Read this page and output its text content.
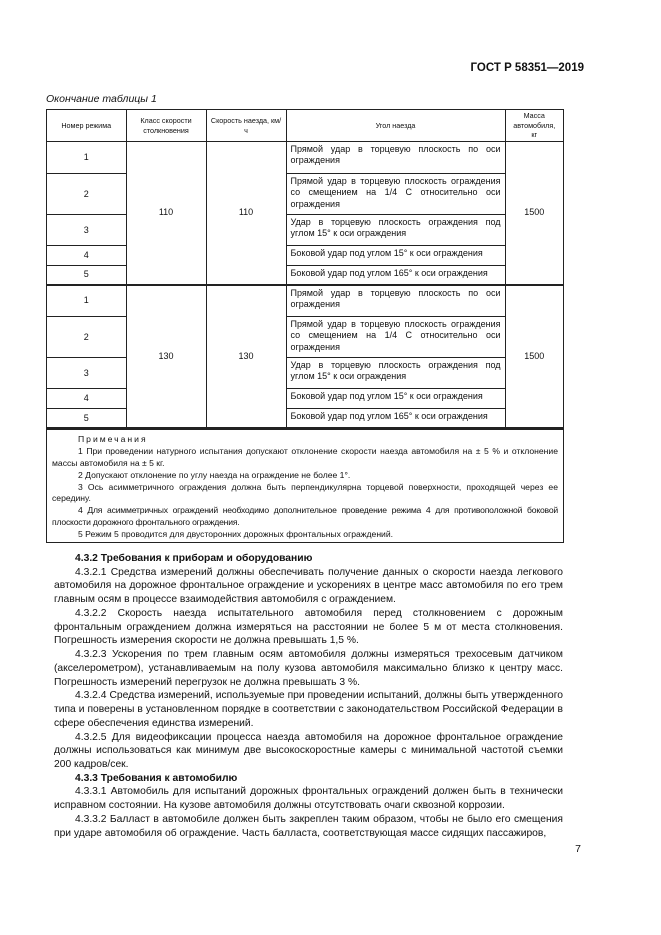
ГОСТ Р 58351—2019
Окончание таблицы 1
Номер режима	Класс скорости столкновения	Скорость наезда, км/ч	Угол наезда	Масса автомобиля, кг
1	110	110	Прямой удар в торцевую плоскость по оси ограждения	1500
2			Прямой удар в торцевую плоскость ограждения со смещением на 1/4 С относительно оси ограждения	
3			Удар в торцевую плоскость ограждения под углом 15° к оси ограждения	
4			Боковой удар под углом 15° к оси ограждения	
5			Боковой удар под углом 165° к оси ограждения	
1	130	130	Прямой удар в торцевую плоскость по оси ограждения	1500
2			Прямой удар в торцевую плоскость ограждения со смещением на 1/4 С относительно оси ограждения	
3			Удар в торцевую плоскость ограждения под углом 15° к оси ограждения	
4			Боковой удар под углом 15° к оси ограждения	
5			Боковой удар под углом 165° к оси ограждения	
Примечания

1 При проведении натурного испытания допускают отклонение скорости наезда автомобиля на ± 5 % и отклонение массы автомобиля на ± 5 кг.

2 Допускают отклонение по углу наезда на ограждение не более 1°.

3 Ось асимметричного ограждения должна быть перпендикулярна торцевой поверхности, проходящей через ее середину.

4 Для асимметричных ограждений необходимо дополнительное проведение режима 4 для противоположной боковой плоскости дорожного фронтального ограждения.

5 Режим 5 проводится для двусторонних дорожных фронтальных ограждений.

4.3.2 Требования к приборам и оборудованию

4.3.2.1 Средства измерений должны обеспечивать получение данных о скорости наезда легкового автомобиля на дорожное фронтальное ограждение и ускорениях в центре масс автомобиля по его трем главным осям в процессе взаимодействия автомобиля с ограждением.

4.3.2.2 Скорость наезда испытательного автомобиля перед столкновением с дорожным фронтальным ограждением должна измеряться на расстоянии не более 5 м от места столкновения. Погрешность измерения скорости не должна превышать 1,5 %.

4.3.2.3 Ускорения по трем главным осям автомобиля должны измеряться трехосевым датчиком (акселерометром), устанавливаемым на полу кузова автомобиля максимально близко к центру масс. Погрешность измерений перегрузок не должна превышать 3 %.

4.3.2.4 Средства измерений, используемые при проведении испытаний, должны быть утвержденного типа и поверены в установленном порядке в соответствии с законодательством Российской Федерации в сфере обеспечения единства измерений.

4.3.2.5 Для видеофиксации процесса наезда автомобиля на дорожное фронтальное ограждение должны использоваться как минимум две высокоскоростные камеры с минимальной частотой съемки 200 кадров/сек.

4.3.3 Требования к автомобилю

4.3.3.1 Автомобиль для испытаний дорожных фронтальных ограждений должен быть в технически исправном состоянии. На кузове автомобиля должны отсутствовать очаги сквозной коррозии.

4.3.3.2 Балласт в автомобиле должен быть закреплен таким образом, чтобы не было его смещения при ударе автомобиля об ограждение. Часть балласта, соответствующая массе сидящих пассажиров,

7
